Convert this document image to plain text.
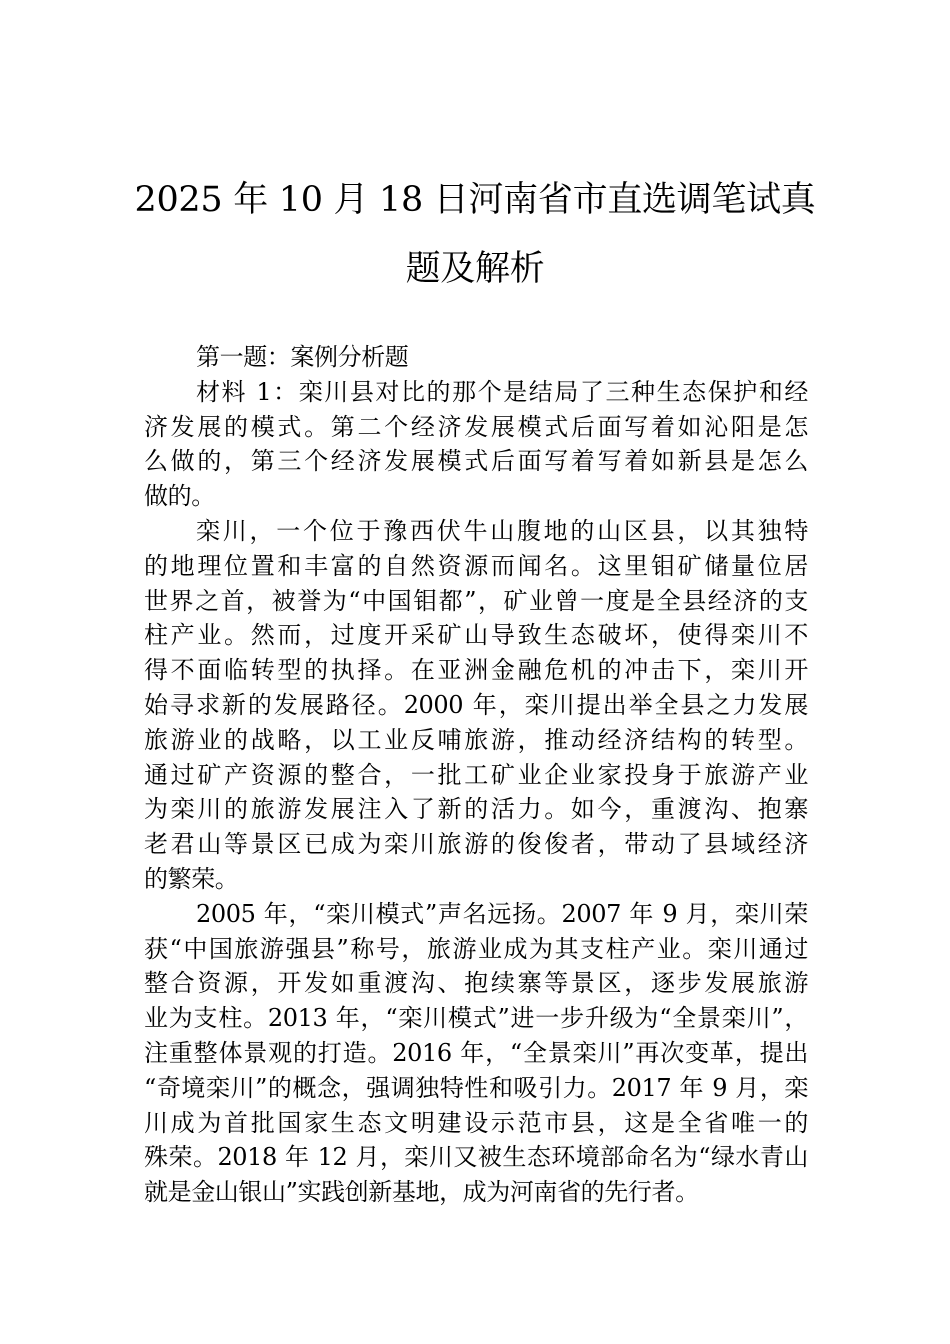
2025 年 10 月 18 日河南省市直选调笔试真
题及解析
第一题：案例分析题
材料 1：栾川县对比的那个是结局了三种生态保护和经
济发展的模式。第二个经济发展模式后面写着如沁阳是怎
么做的，第三个经济发展模式后面写着写着如新县是怎么
做的。
栾川，一个位于豫西伏牛山腹地的山区县，以其独特
的地理位置和丰富的自然资源而闻名。这里钼矿储量位居
世界之首，被誉为“中国钼都”，矿业曾一度是全县经济的支
柱产业。然而，过度开采矿山导致生态破坏，使得栾川不
得不面临转型的执择。在亚洲金融危机的冲击下，栾川开
始寻求新的发展路径。2000 年，栾川提出举全县之力发展
旅游业的战略，以工业反哺旅游，推动经济结构的转型。
通过矿产资源的整合，一批工矿业企业家投身于旅游产业
为栾川的旅游发展注入了新的活力。如今，重渡沟、抱寨
老君山等景区已成为栾川旅游的俊俊者，带动了县域经济
的繁荣。
2005 年，“栾川模式”声名远扬。2007 年 9 月，栾川荣
获“中国旅游强县”称号，旅游业成为其支柱产业。栾川通过
整合资源，开发如重渡沟、抱续寨等景区，逐步发展旅游
业为支柱。2013 年，“栾川模式”进一步升级为“全景栾川”，
注重整体景观的打造。2016 年，“全景栾川”再次变革，提出
“奇境栾川”的概念，强调独特性和吸引力。2017 年 9 月，栾
川成为首批国家生态文明建设示范市县，这是全省唯一的
殊荣。2018 年 12 月，栾川又被生态环境部命名为“绿水青山
就是金山银山”实践创新基地，成为河南省的先行者。
